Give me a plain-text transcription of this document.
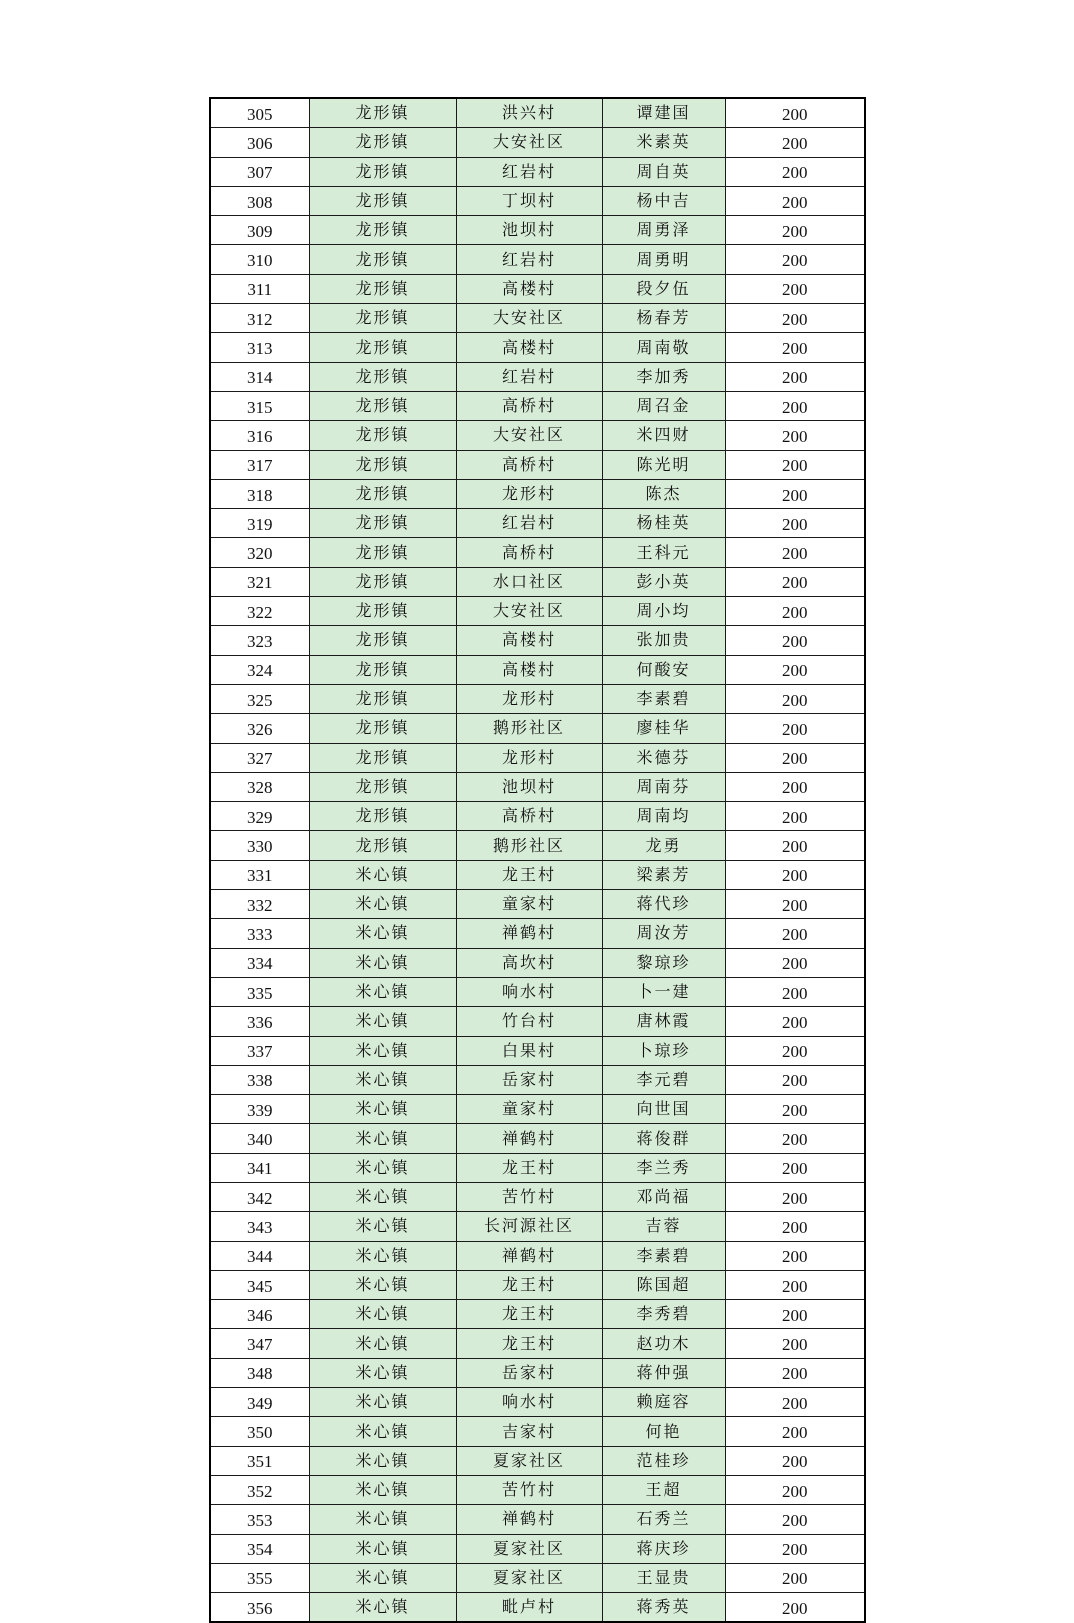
305	龙形镇	洪兴村	谭建国	200
306	龙形镇	大安社区	米素英	200
307	龙形镇	红岩村	周自英	200
308	龙形镇	丁坝村	杨中吉	200
309	龙形镇	池坝村	周勇泽	200
310	龙形镇	红岩村	周勇明	200
311	龙形镇	高楼村	段夕伍	200
312	龙形镇	大安社区	杨春芳	200
313	龙形镇	高楼村	周南敬	200
314	龙形镇	红岩村	李加秀	200
315	龙形镇	高桥村	周召金	200
316	龙形镇	大安社区	米四财	200
317	龙形镇	高桥村	陈光明	200
318	龙形镇	龙形村	陈杰	200
319	龙形镇	红岩村	杨桂英	200
320	龙形镇	高桥村	王科元	200
321	龙形镇	水口社区	彭小英	200
322	龙形镇	大安社区	周小均	200
323	龙形镇	高楼村	张加贵	200
324	龙形镇	高楼村	何酸安	200
325	龙形镇	龙形村	李素碧	200
326	龙形镇	鹅形社区	廖桂华	200
327	龙形镇	龙形村	米德芬	200
328	龙形镇	池坝村	周南芬	200
329	龙形镇	高桥村	周南均	200
330	龙形镇	鹅形社区	龙勇	200
331	米心镇	龙王村	梁素芳	200
332	米心镇	童家村	蒋代珍	200
333	米心镇	禅鹤村	周汝芳	200
334	米心镇	高坎村	黎琼珍	200
335	米心镇	响水村	卜一建	200
336	米心镇	竹台村	唐林霞	200
337	米心镇	白果村	卜琼珍	200
338	米心镇	岳家村	李元碧	200
339	米心镇	童家村	向世国	200
340	米心镇	禅鹤村	蒋俊群	200
341	米心镇	龙王村	李兰秀	200
342	米心镇	苦竹村	邓尚福	200
343	米心镇	长河源社区	吉蓉	200
344	米心镇	禅鹤村	李素碧	200
345	米心镇	龙王村	陈国超	200
346	米心镇	龙王村	李秀碧	200
347	米心镇	龙王村	赵功木	200
348	米心镇	岳家村	蒋仲强	200
349	米心镇	响水村	赖庭容	200
350	米心镇	吉家村	何艳	200
351	米心镇	夏家社区	范桂珍	200
352	米心镇	苦竹村	王超	200
353	米心镇	禅鹤村	石秀兰	200
354	米心镇	夏家社区	蒋庆珍	200
355	米心镇	夏家社区	王显贵	200
356	米心镇	毗卢村	蒋秀英	200
